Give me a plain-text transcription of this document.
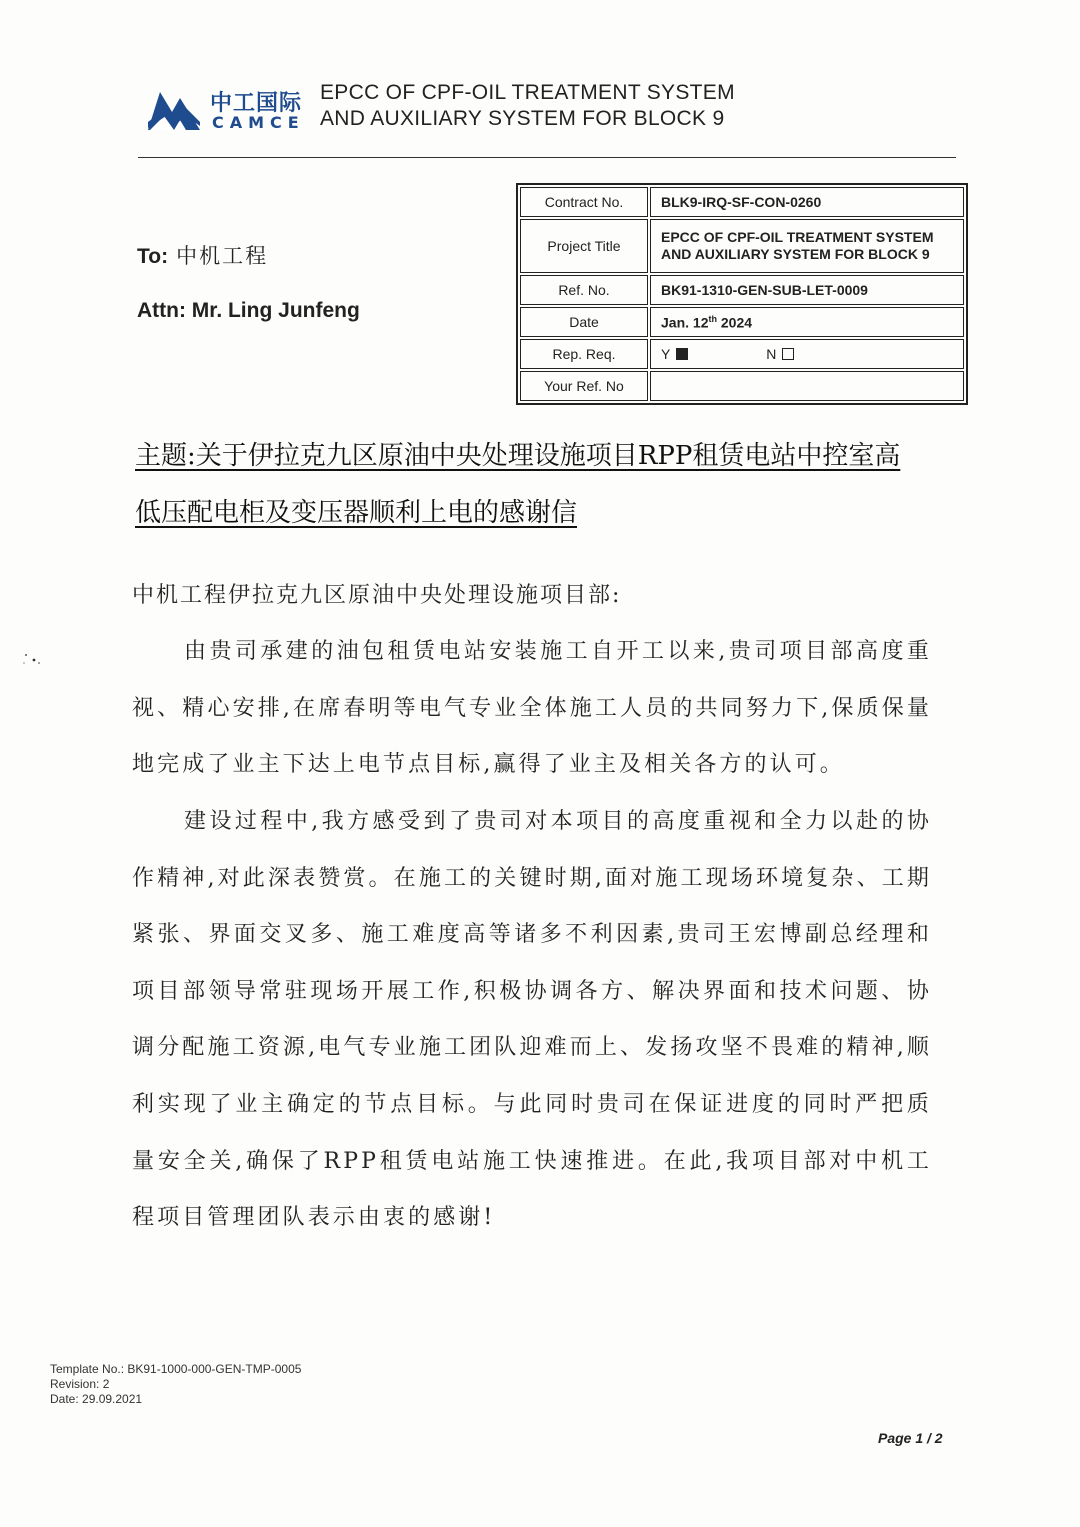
中工国际
CAMCE
EPCC OF CPF-OIL TREATMENT SYSTEM
AND AUXILIARY SYSTEM FOR BLOCK 9
To: 中机工程
Attn: Mr. Ling Junfeng
Contract No.	BLK9-IRQ-SF-CON-0260
Project Title	EPCC OF CPF-OIL TREATMENT SYSTEM
AND AUXILIARY SYSTEM FOR BLOCK 9

Ref. No.	BK91-1310-GEN-SUB-LET-0009
Date	Jan. 12th 2024
Rep. Req.	Y N
Your Ref. No	
主题:关于伊拉克九区原油中央处理设施项目RPP租赁电站中控室高
低压配电柜及变压器顺利上电的感谢信
中机工程伊拉克九区原油中央处理设施项目部:
由贵司承建的油包租赁电站安装施工自开工以来,贵司项目部高度重视、精心安排,在席春明等电气专业全体施工人员的共同努力下,保质保量地完成了业主下达上电节点目标,赢得了业主及相关各方的认可。
建设过程中,我方感受到了贵司对本项目的高度重视和全力以赴的协作精神,对此深表赞赏。在施工的关键时期,面对施工现场环境复杂、工期紧张、界面交叉多、施工难度高等诸多不利因素,贵司王宏博副总经理和项目部领导常驻现场开展工作,积极协调各方、解决界面和技术问题、协调分配施工资源,电气专业施工团队迎难而上、发扬攻坚不畏难的精神,顺利实现了业主确定的节点目标。与此同时贵司在保证进度的同时严把质量安全关,确保了RPP租赁电站施工快速推进。在此,我项目部对中机工程项目管理团队表示由衷的感谢!
Template No.: BK91-1000-000-GEN-TMP-0005
Revision: 2
Date: 29.09.2021
Page 1 / 2
